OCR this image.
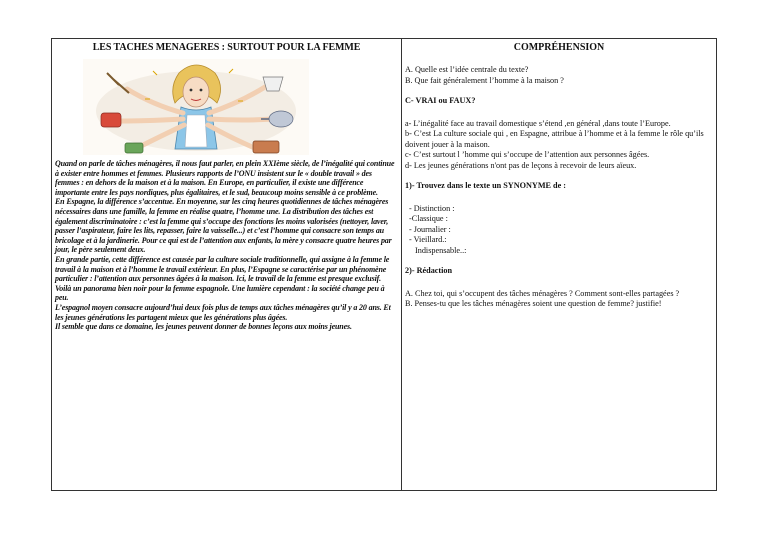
LES TACHES MENAGERES : SURTOUT POUR LA FEMME

Quand on parle de tâches ménagères, il nous faut parler, en plein XXIème siècle, de l’inégalité qui continue à exister entre hommes et femmes. Plusieurs rapports de l’ONU insistent sur le « double travail » des femmes : en dehors de la maison et à la maison. En Europe, en particulier, il existe une différence importante entre les pays nordiques, plus égalitaires, et le sud, beaucoup moins sensible à ce problème.

En Espagne, la différence s’accentue. En moyenne, sur les cinq heures quotidiennes de tâches ménagères nécessaires dans une famille, la femme en réalise quatre, l’homme une. La distribution des tâches est également discriminatoire : c’est la femme qui s’occupe des fonctions les moins valorisées (nettoyer, laver, passer l’aspirateur, faire les lits, repasser, faire la vaisselle...) et c’est l’homme qui consacre son temps au bricolage et à la jardinerie. Pour ce qui est de l’attention aux enfants, la mère y consacre quatre heures par jour, le père seulement deux.

En grande partie, cette différence est causée par la culture sociale traditionnelle, qui assigne à la femme le travail à la maison et à l’homme le travail extérieur. En plus, l’Espagne se caractérise par un phénomène particulier : l’attention aux personnes âgées à la maison. Ici, le travail de la femme est presque exclusif.

Voilà un panorama bien noir pour la femme espagnole. Une lumière cependant : la société change peu à peu.

L’espagnol moyen consacre aujourd’hui deux fois plus de temps aux tâches ménagères qu’il y a 20 ans. Et les jeunes générations les partagent mieux que les générations plus âgées.

Il semble que dans ce domaine, les jeunes peuvent donner de bonnes leçons aux moins jeunes.

COMPRÉHENSION
A. Quelle est l’idée centrale du texte?
B. Que fait généralement l’homme à la maison ?
C- VRAI ou FAUX?
a- L’inégalité face au travail domestique s’étend ,en général ,dans toute l’Europe.
b- C’est La culture sociale qui , en Espagne, attribue à l’homme et à la femme le rôle qu’ils doivent jouer à la maison.
c- C’est surtout l ’homme qui s’occupe de l’attention aux personnes âgées.
d- Les jeunes générations n'ont pas de leçons à recevoir de leurs aïeux.
1)- Trouvez dans le texte un SYNONYME de :
- Distinction :
-Classique :
- Journalier :
- Vieillard.:
Indispensable..:
2)- Rédaction
A. Chez toi, qui s’occupent des tâches ménagères ? Comment sont-elles partagées ?
B. Penses-tu que les tâches ménagères soient une question de femme? justifie!
